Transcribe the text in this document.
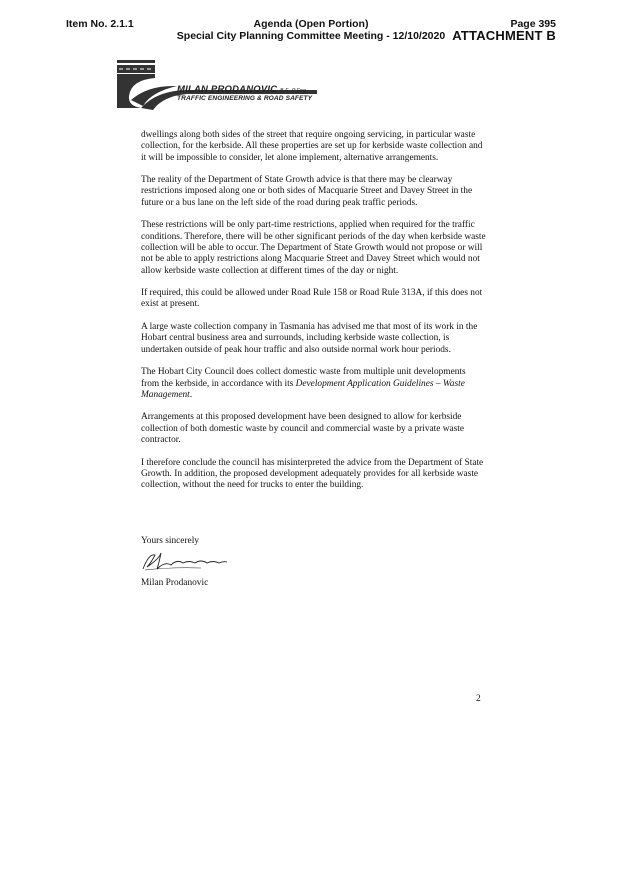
Item No. 2.1.1	Agenda (Open Portion)
Special City Planning Committee Meeting - 12/10/2020
Page 395
ATTACHMENT B
MILAN PRODANOVIC B.E. P.Eng
TRAFFIC ENGINEERING & ROAD SAFETY

dwellings along both sides of the street that require ongoing servicing, in particular waste collection, for the kerbside. All these properties are set up for kerbside waste collection and it will be impossible to consider, let alone implement, alternative arrangements.

The reality of the Department of State Growth advice is that there may be clearway restrictions imposed along one or both sides of Macquarie Street and Davey Street in the future or a bus lane on the left side of the road during peak traffic periods.

These restrictions will be only part-time restrictions, applied when required for the traffic conditions. Therefore, there will be other significant periods of the day when kerbside waste collection will be able to occur. The Department of State Growth would not propose or will not be able to apply restrictions along Macquarie Street and Davey Street which would not allow kerbside waste collection at different times of the day or night.

If required, this could be allowed under Road Rule 158 or Road Rule 313A, if this does not exist at present.

A large waste collection company in Tasmania has advised me that most of its work in the Hobart central business area and surrounds, including kerbside waste collection, is undertaken outside of peak hour traffic and also outside normal work hour periods.

The Hobart City Council does collect domestic waste from multiple unit developments from the kerbside, in accordance with its Development Application Guidelines – Waste Management.

Arrangements at this proposed development have been designed to allow for kerbside collection of both domestic waste by council and commercial waste by a private waste contractor.

I therefore conclude the council has misinterpreted the advice from the Department of State Growth. In addition, the proposed development adequately provides for all kerbside waste collection, without the need for trucks to enter the building.

Yours sincerely
Milan Prodanovic
2
